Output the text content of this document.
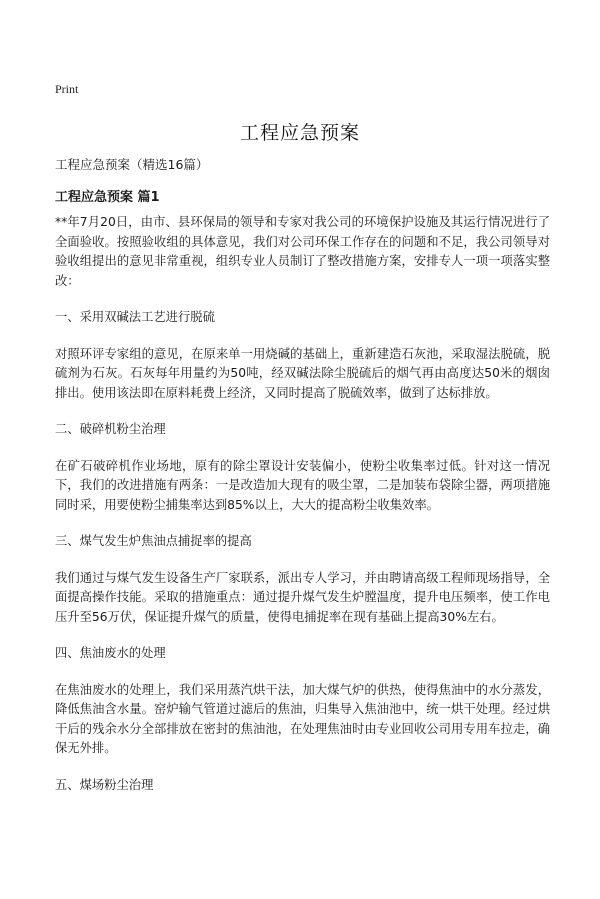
Print
工程应急预案
工程应急预案（精选16篇）
工程应急预案 篇1

**年7月20日，由市、县环保局的领导和专家对我公司的环境保护设施及其运行情况进行了全面验收。按照验收组的具体意见，我们对公司环保工作存在的问题和不足，我公司领导对验收组提出的意见非常重视，组织专业人员制订了整改措施方案，安排专人一项一项落实整改：

一、采用双碱法工艺进行脱硫

对照环评专家组的意见，在原来单一用烧碱的基础上，重新建造石灰池，采取湿法脱硫，脱硫剂为石灰。石灰每年用量约为50吨，经双碱法除尘脱硫后的烟气再由高度达50米的烟囱排出。使用该法即在原料耗费上经济，又同时提高了脱硫效率，做到了达标排放。

二、破碎机粉尘治理

在矿石破碎机作业场地，原有的除尘罩设计安装偏小，使粉尘收集率过低。针对这一情况下，我们的改进措施有两条：一是改造加大现有的吸尘罩，二是加装布袋除尘器，两项措施同时采，用要使粉尘捕集率达到85%以上，大大的提高粉尘收集效率。

三、煤气发生炉焦油点捕捉率的提高

我们通过与煤气发生设备生产厂家联系，派出专人学习，并由聘请高级工程师现场指导，全面提高操作技能。采取的措施重点：通过提升煤气发生炉膛温度，提升电压频率，使工作电压升至56万伏，保证提升煤气的质量，使得电捕捉率在现有基础上提高30%左右。

四、焦油废水的处理

在焦油废水的处理上，我们采用蒸汽烘干法，加大煤气炉的供热，使得焦油中的水分蒸发，降低焦油含水量。窑炉输气管道过滤后的焦油，归集导入焦油池中，统一烘干处理。经过烘干后的残余水分全部排放在密封的焦油池，在处理焦油时由专业回收公司用专用车拉走，确保无外排。

五、煤场粉尘治理
